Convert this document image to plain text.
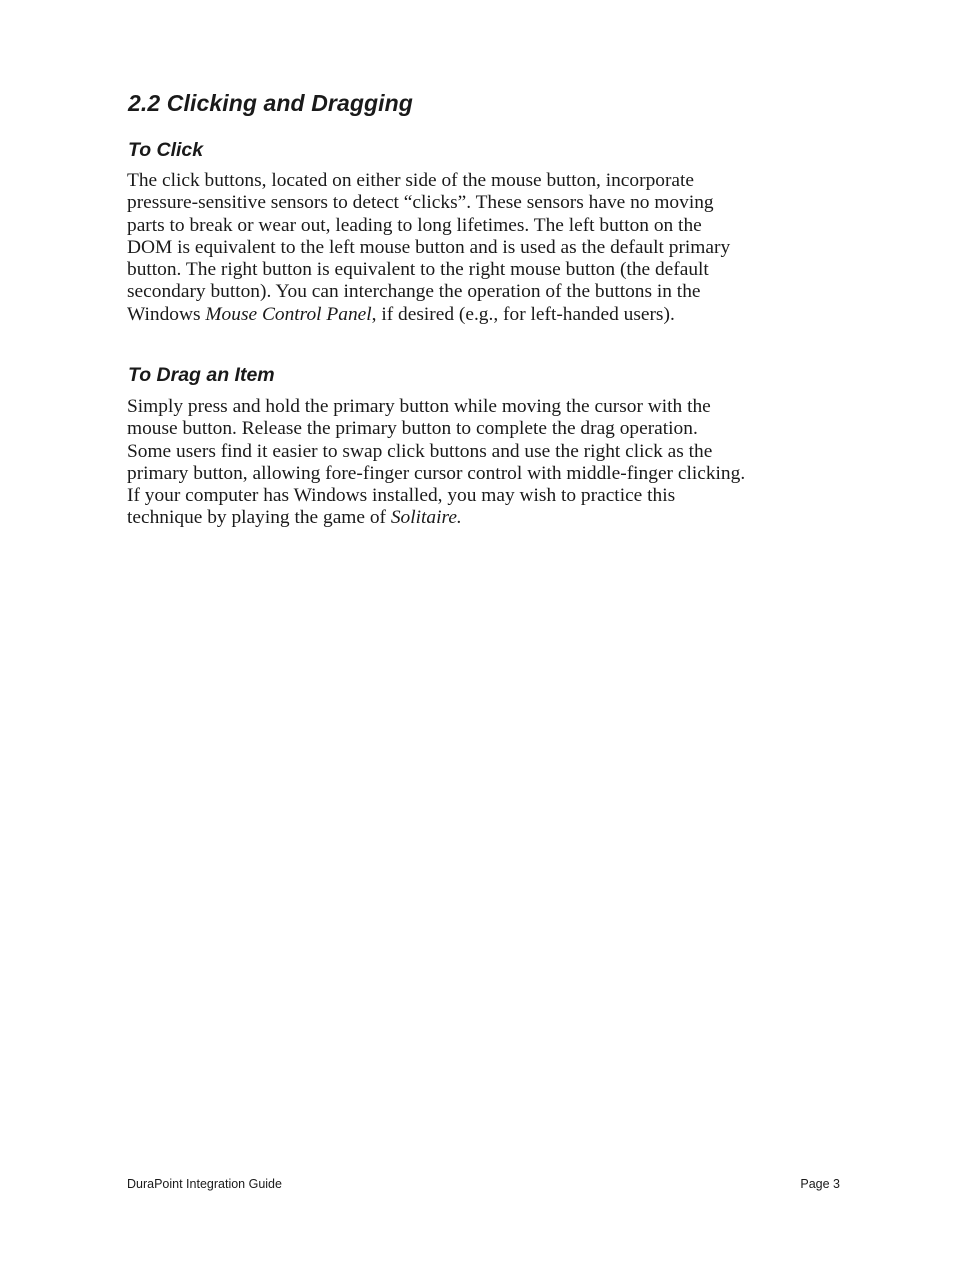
2.2 Clicking and Dragging
To Click

The click buttons, located on either side of the mouse button, incorporate
pressure-sensitive sensors to detect “clicks”. These sensors have no moving
parts to break or wear out, leading to long lifetimes. The left button on the
DOM is equivalent to the left mouse button and is used as the default primary
button. The right button is equivalent to the right mouse button (the default
secondary button). You can interchange the operation of the buttons in the
Windows Mouse Control Panel, if desired (e.g., for left-handed users).

To Drag an Item

Simply press and hold the primary button while moving the cursor with the
mouse button. Release the primary button to complete the drag operation.
Some users find it easier to swap click buttons and use the right click as the
primary button, allowing fore-finger cursor control with middle-finger clicking.
If your computer has Windows installed, you may wish to practice this
technique by playing the game of Solitaire.

DuraPoint Integration Guide	Page 3
